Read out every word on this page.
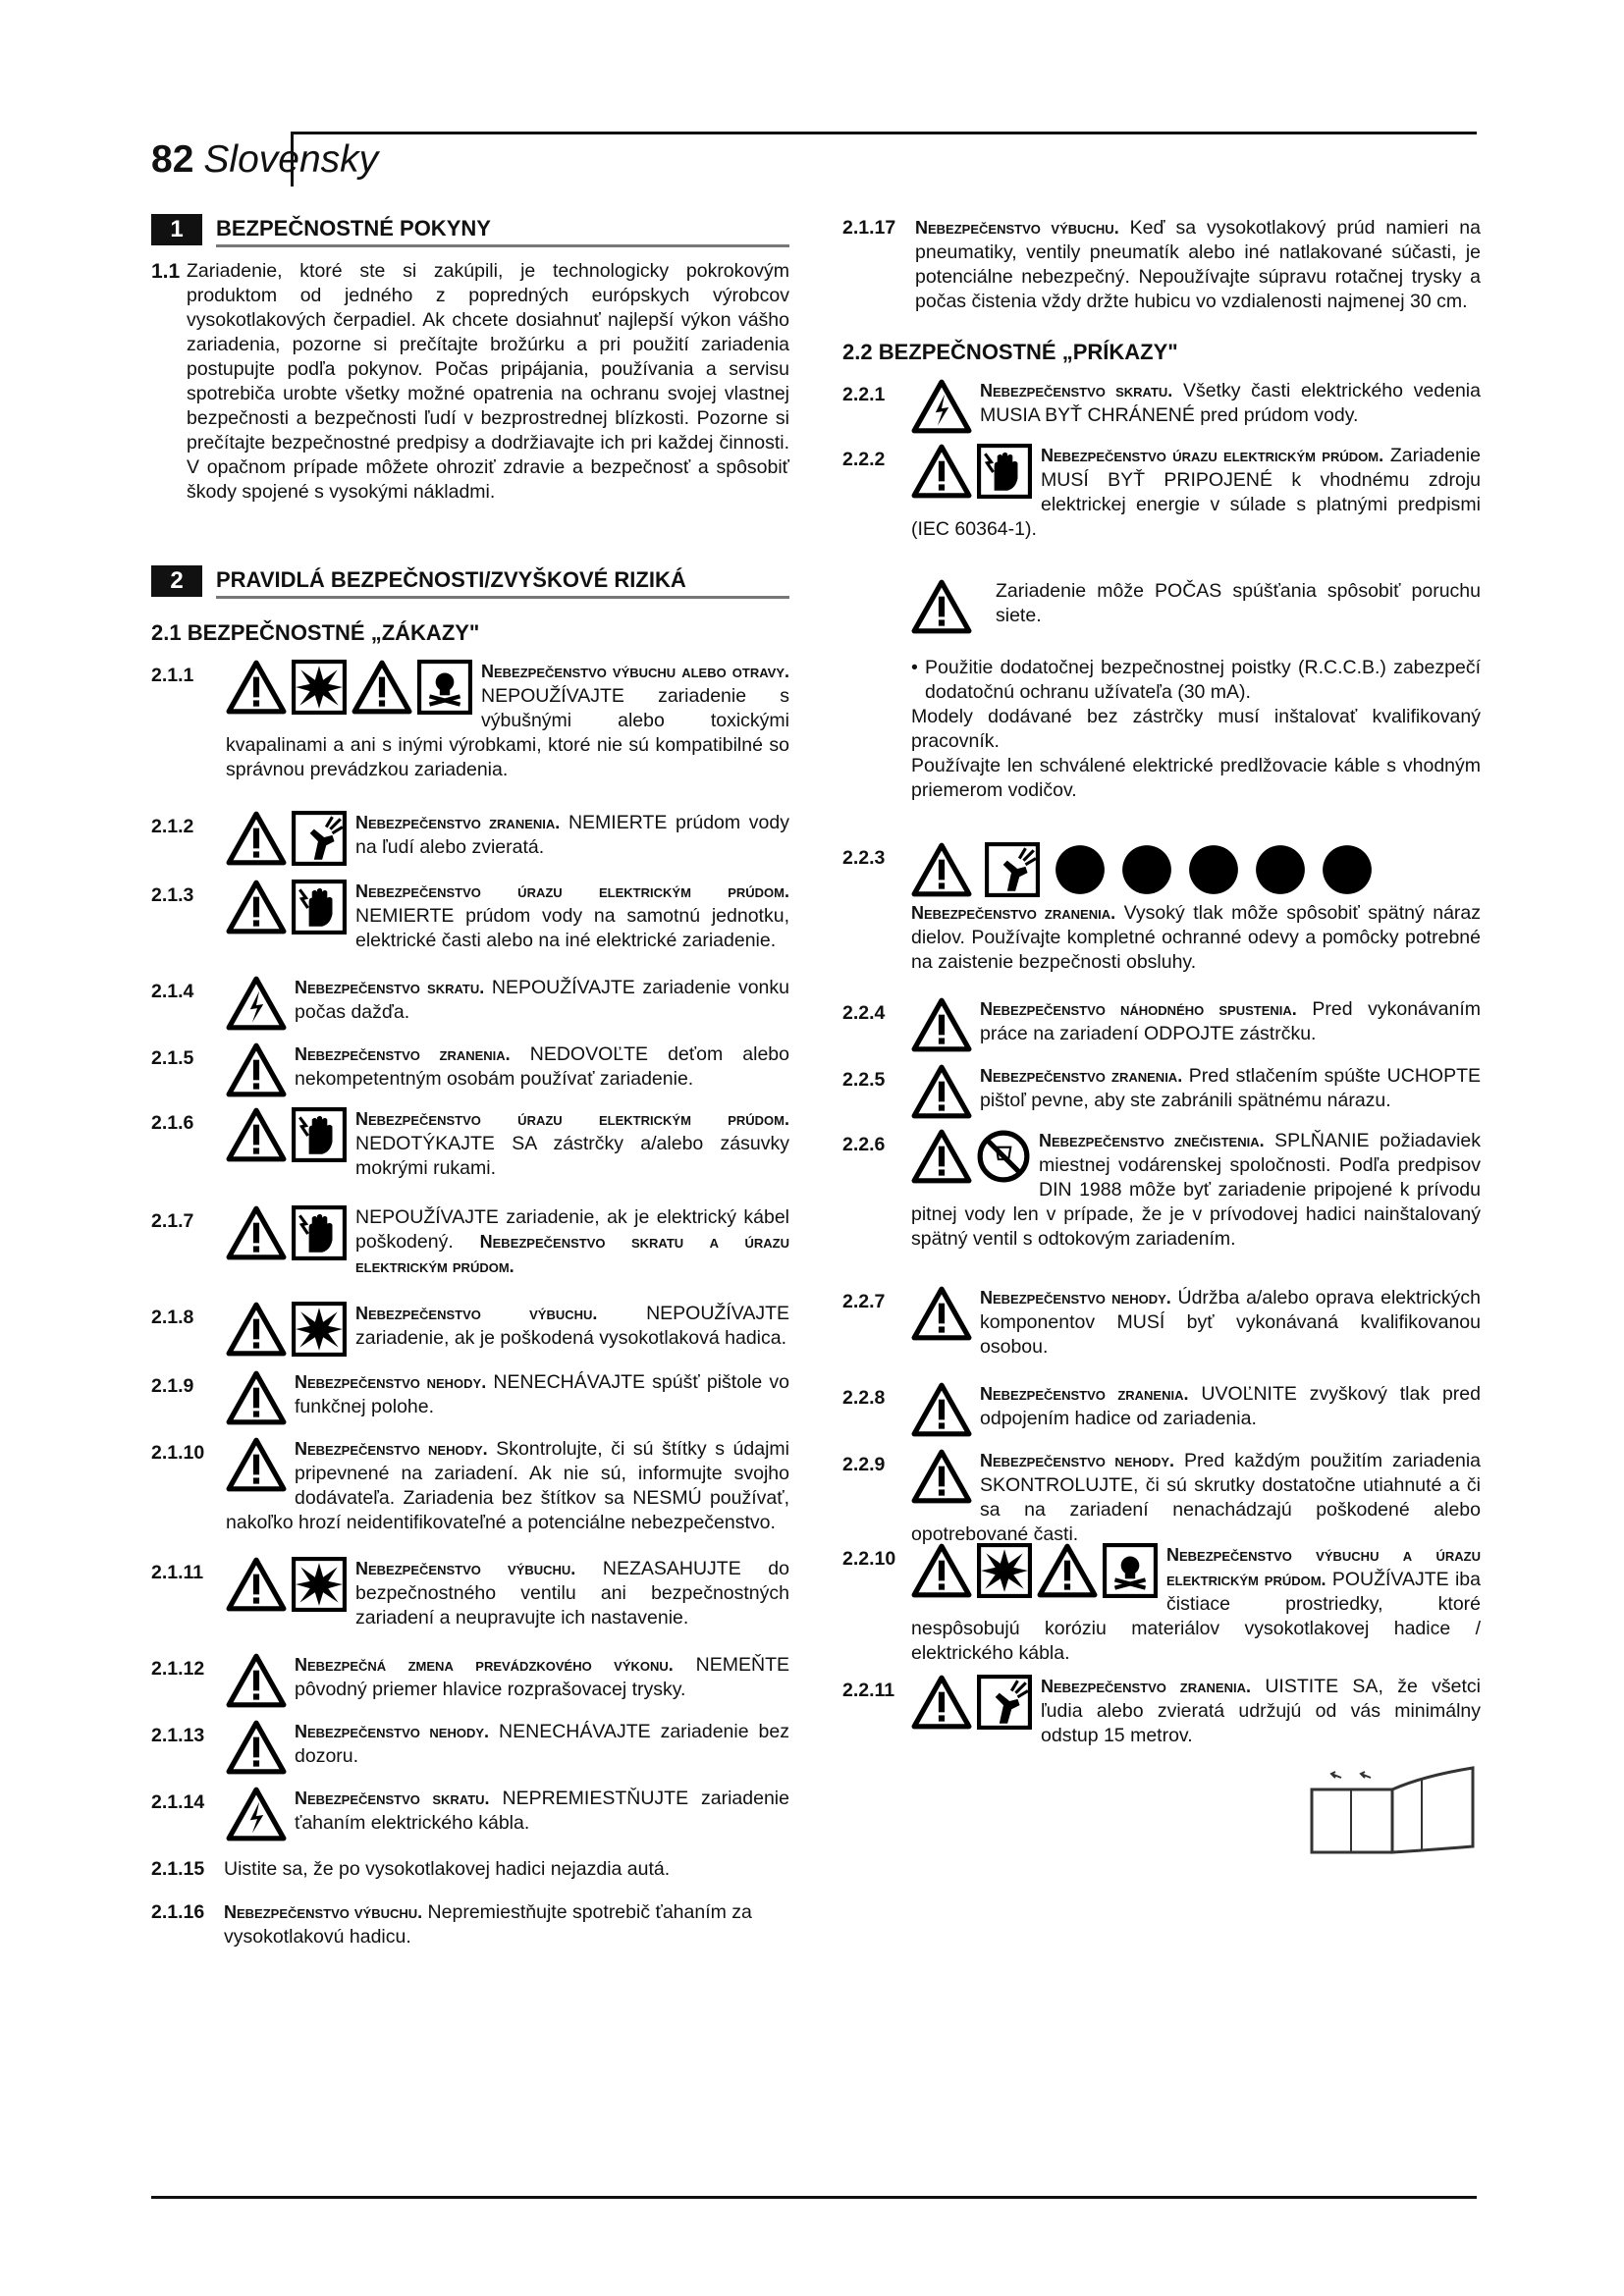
82 Slovensky
1	BEZPEČNOSTNÉ POKYNY
1.1 Zariadenie, ktoré ste si zakúpili, je technologicky pokrokovým produktom od jedného z popredných európskych výrobcov vysokotlakových čerpadiel. Ak chcete dosiahnuť najlepší výkon vášho zariadenia, pozorne si prečítajte brožúrku a pri použití zariadenia postupujte podľa pokynov. Počas pripájania, používania a servisu spotrebiča urobte všetky možné opatrenia na ochranu svojej vlastnej bezpečnosti a bezpečnosti ľudí v bezprostrednej blízkosti. Pozorne si prečítajte bezpečnostné predpisy a dodržiavajte ich pri každej činnosti. V opačnom prípade môžete ohroziť zdravie a bezpečnosť a spôsobiť škody spojené s vysokými nákladmi.
2	PRAVIDLÁ BEZPEČNOSTI/ZVYŠKOVÉ RIZIKÁ
2.1 BEZPEČNOSTNÉ „ZÁKAZY"
2.1.1	Nebezpečenstvo výbuchu alebo otravy. NEPOUŽÍVAJTE zariadenie s výbušnými alebo toxickými kvapalinami a ani s inými výrobkami, ktoré nie sú kompatibilné so správnou prevádzkou zariadenia.
2.1.2	Nebezpečenstvo zranenia. NEMIERTE prúdom vody na ľudí alebo zvieratá.
2.1.3	Nebezpečenstvo úrazu elektrickým prúdom. NEMIERTE prúdom vody na samotnú jednotku, elektrické časti alebo na iné elektrické zariadenie.
2.1.4	Nebezpečenstvo skratu. NEPOUŽÍVAJTE zariadenie vonku počas dažďa.
2.1.5	Nebezpečenstvo zranenia. NEDOVOĽTE deťom alebo nekompetentným osobám používať zariadenie.
2.1.6	Nebezpečenstvo úrazu elektrickým prúdom. NEDOTÝKAJTE SA zástrčky a/alebo zásuvky mokrými rukami.
2.1.7	NEPOUŽÍVAJTE zariadenie, ak je elektrický kábel poškodený. Nebezpečenstvo skratu a úrazu elektrickým prúdom.
2.1.8	Nebezpečenstvo výbuchu. NEPOUŽÍVAJTE zariadenie, ak je poškodená vysokotlaková hadica.
2.1.9	Nebezpečenstvo nehody. NENECHÁVAJTE spúšť pištole vo funkčnej polohe.
2.1.10	Nebezpečenstvo nehody. Skontrolujte, či sú štítky s údajmi pripevnené na zariadení. Ak nie sú, informujte svojho dodávateľa. Zariadenia bez štítkov sa NESMÚ používať, nakoľko hrozí neidentifikovateľné a potenciálne nebezpečenstvo.
2.1.11	Nebezpečenstvo výbuchu. NEZASAHUJTE do bezpečnostného ventilu ani bezpečnostných zariadení a neupravujte ich nastavenie.
2.1.12	Nebezpečná zmena prevádzkového výkonu. NEMEŇTE pôvodný priemer hlavice rozprašovacej trysky.
2.1.13	Nebezpečenstvo nehody. NENECHÁVAJTE zariadenie bez dozoru.
2.1.14	Nebezpečenstvo skratu. NEPREMIESTŇUJTE zariadenie ťahaním elektrického kábla.
2.1.15 Uistite sa, že po vysokotlakovej hadici nejazdia autá.
2.1.16 Nebezpečenstvo výbuchu. Nepremiestňujte spotrebič ťahaním za vysokotlakovú hadicu.
2.1.17 Nebezpečenstvo výbuchu. Keď sa vysokotlakový prúd namieri na pneumatiky, ventily pneumatík alebo iné natlakované súčasti, je potenciálne nebezpečný. Nepoužívajte súpravu rotačnej trysky a počas čistenia vždy držte hubicu vo vzdialenosti najmenej 30 cm.
2.2 BEZPEČNOSTNÉ „PRÍKAZY"
2.2.1	Nebezpečenstvo skratu. Všetky časti elektrického vedenia MUSIA BYŤ CHRÁNENÉ pred prúdom vody.
2.2.2	Nebezpečenstvo úrazu elektrickým prúdom. Zariadenie MUSÍ BYŤ PRIPOJENÉ k vhodnému zdroju elektrickej energie v súlade s platnými predpismi (IEC 60364-1).
Zariadenie môže POČAS spúšťania spôsobiť poruchu siete.
• Použitie dodatočnej bezpečnostnej poistky (R.C.C.B.) zabezpečí dodatočnú ochranu užívateľa (30 mA).
Modely dodávané bez zástrčky musí inštalovať kvalifikovaný pracovník.
Používajte len schválené elektrické predlžovacie káble s vhodným priemerom vodičov.
2.2.3
Nebezpečenstvo zranenia. Vysoký tlak môže spôsobiť spätný náraz dielov. Používajte kompletné ochranné odevy a pomôcky potrebné na zaistenie bezpečnosti obsluhy.
2.2.4	Nebezpečenstvo náhodného spustenia. Pred vykonávaním práce na zariadení ODPOJTE zástrčku.
2.2.5	Nebezpečenstvo zranenia. Pred stlačením spúšte UCHOPTE pištoľ pevne, aby ste zabránili spätnému nárazu.
2.2.6	Nebezpečenstvo znečistenia. SPLŇANIE požiadaviek miestnej vodárenskej spoločnosti. Podľa predpisov DIN 1988 môže byť zariadenie pripojené k prívodu pitnej vody len v prípade, že je v prívodovej hadici nainštalovaný spätný ventil s odtokovým zariadením.
2.2.7	Nebezpečenstvo nehody. Údržba a/alebo oprava elektrických komponentov MUSÍ byť vykonávaná kvalifikovanou osobou.
2.2.8	Nebezpečenstvo zranenia. UVOĽNITE zvyškový tlak pred odpojením hadice od zariadenia.
2.2.9	Nebezpečenstvo nehody. Pred každým použitím zariadenia SKONTROLUJTE, či sú skrutky dostatočne utiahnuté a či sa na zariadení nenachádzajú poškodené alebo opotrebované časti.
2.2.10	Nebezpečenstvo výbuchu a úrazu elektrickým prúdom. POUŽÍVAJTE iba čistiace prostriedky, ktoré nespôsobujú koróziu materiálov vysokotlakovej hadice / elektrického kábla.
2.2.11	Nebezpečenstvo zranenia. UISTITE SA, že všetci ľudia alebo zvieratá udržujú od vás minimálny odstup 15 metrov.
